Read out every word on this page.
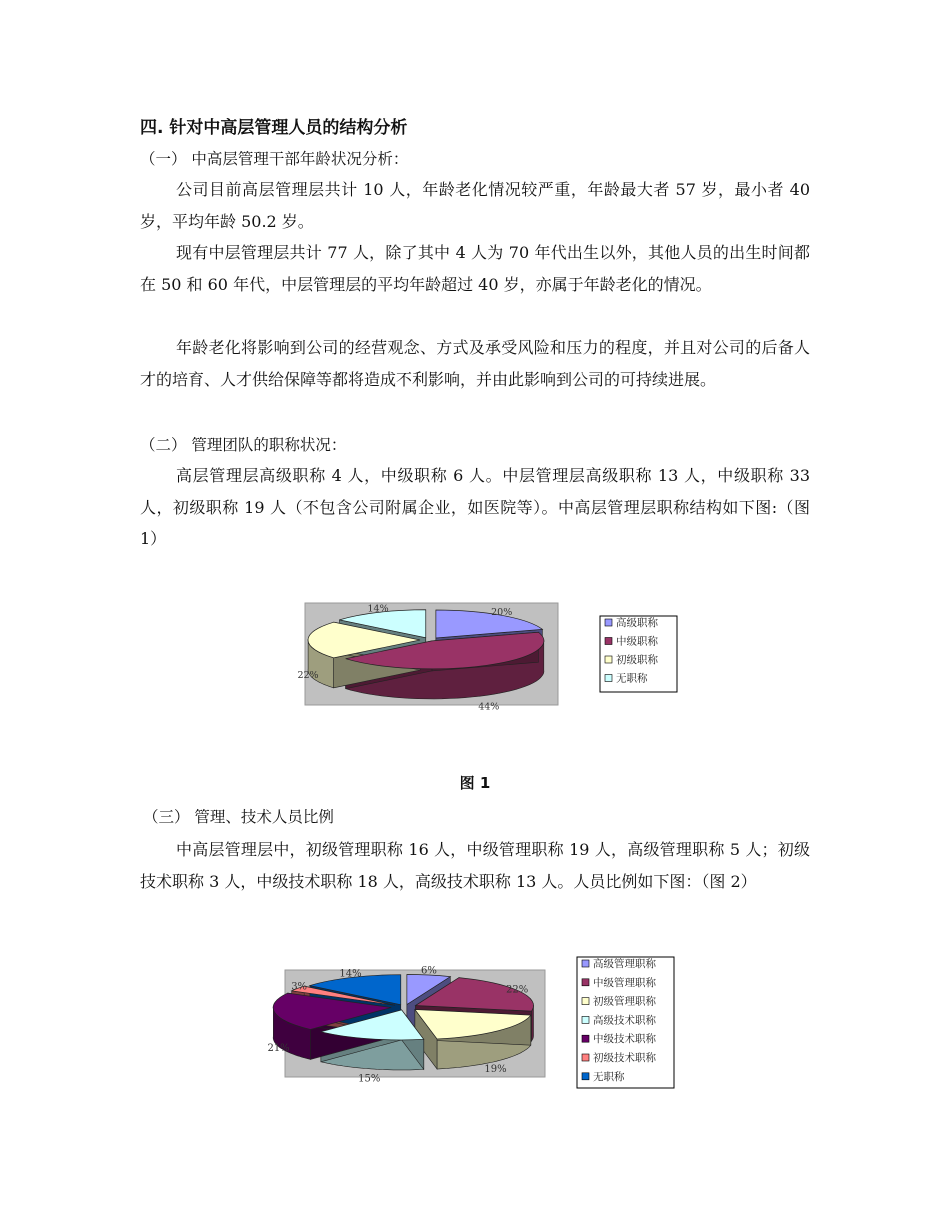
四. 针对中高层管理人员的结构分析
（一） 中高层管理干部年龄状况分析：
公司目前高层管理层共计 10 人，年龄老化情况较严重，年龄最大者 57 岁，最小者 40 岁，平均年龄 50.2 岁。
现有中层管理层共计 77 人，除了其中 4 人为 70 年代出生以外，其他人员的出生时间都在 50 和 60 年代，中层管理层的平均年龄超过 40 岁，亦属于年龄老化的情况。
年龄老化将影响到公司的经营观念、方式及承受风险和压力的程度，并且对公司的后备人才的培育、人才供给保障等都将造成不利影响，并由此影响到公司的可持续进展。
（二） 管理团队的职称状况：
高层管理层高级职称 4 人，中级职称 6 人。中层管理层高级职称 13 人，中级职称 33 人，初级职称 19 人（不包含公司附属企业，如医院等）。中高层管理层职称结构如下图:（图 1）
20%
44%
22%
14%
高级职称
中级职称
初级职称
无职称
图 1
（三） 管理、技术人员比例
中高层管理层中，初级管理职称 16 人，中级管理职称 19 人，高级管理职称 5 人；初级技术职称 3 人，中级技术职称 18 人，高级技术职称 13 人。人员比例如下图：（图 2）
6%
22%
19%
15%
21%
3%
14%
高级管理职称
中级管理职称
初级管理职称
高级技术职称
中级技术职称
初级技术职称
无职称
